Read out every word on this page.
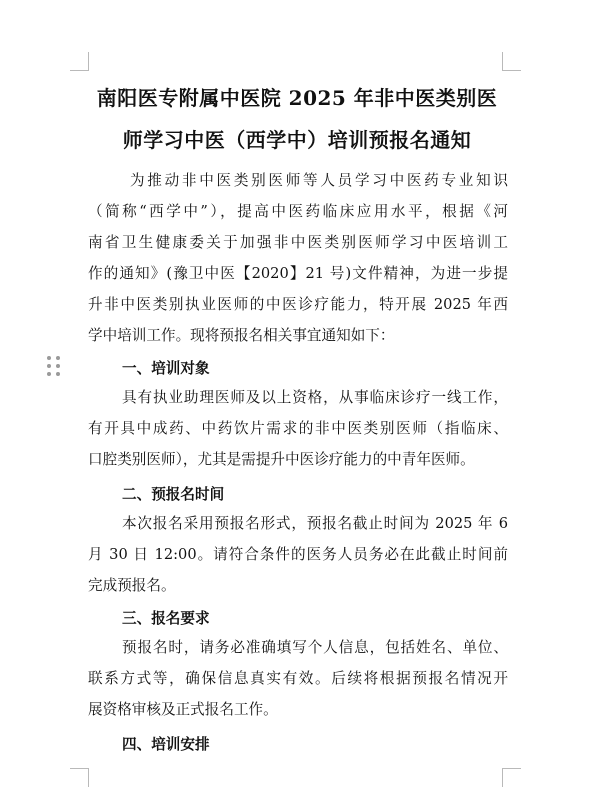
南阳医专附属中医院 2025 年非中医类别医
师学习中医（西学中）培训预报名通知

为推动非中医类别医师等人员学习中医药专业知识
（简称“西学中”），提高中医药临床应用水平，根据《河
南省卫生健康委关于加强非中医类别医师学习中医培训工
作的通知》(豫卫中医【2020】21 号)文件精神，为进一步提
升非中医类别执业医师的中医诊疗能力，特开展 2025 年西
学中培训工作。现将预报名相关事宜通知如下：

一、培训对象

具有执业助理医师及以上资格，从事临床诊疗一线工作，
有开具中成药、中药饮片需求的非中医类别医师（指临床、
口腔类别医师），尤其是需提升中医诊疗能力的中青年医师。

二、预报名时间

本次报名采用预报名形式，预报名截止时间为 2025 年 6
月 30 日 12:00。请符合条件的医务人员务必在此截止时间前
完成预报名。

三、报名要求

预报名时，请务必准确填写个人信息，包括姓名、单位、
联系方式等，确保信息真实有效。后续将根据预报名情况开
展资格审核及正式报名工作。

四、培训安排
